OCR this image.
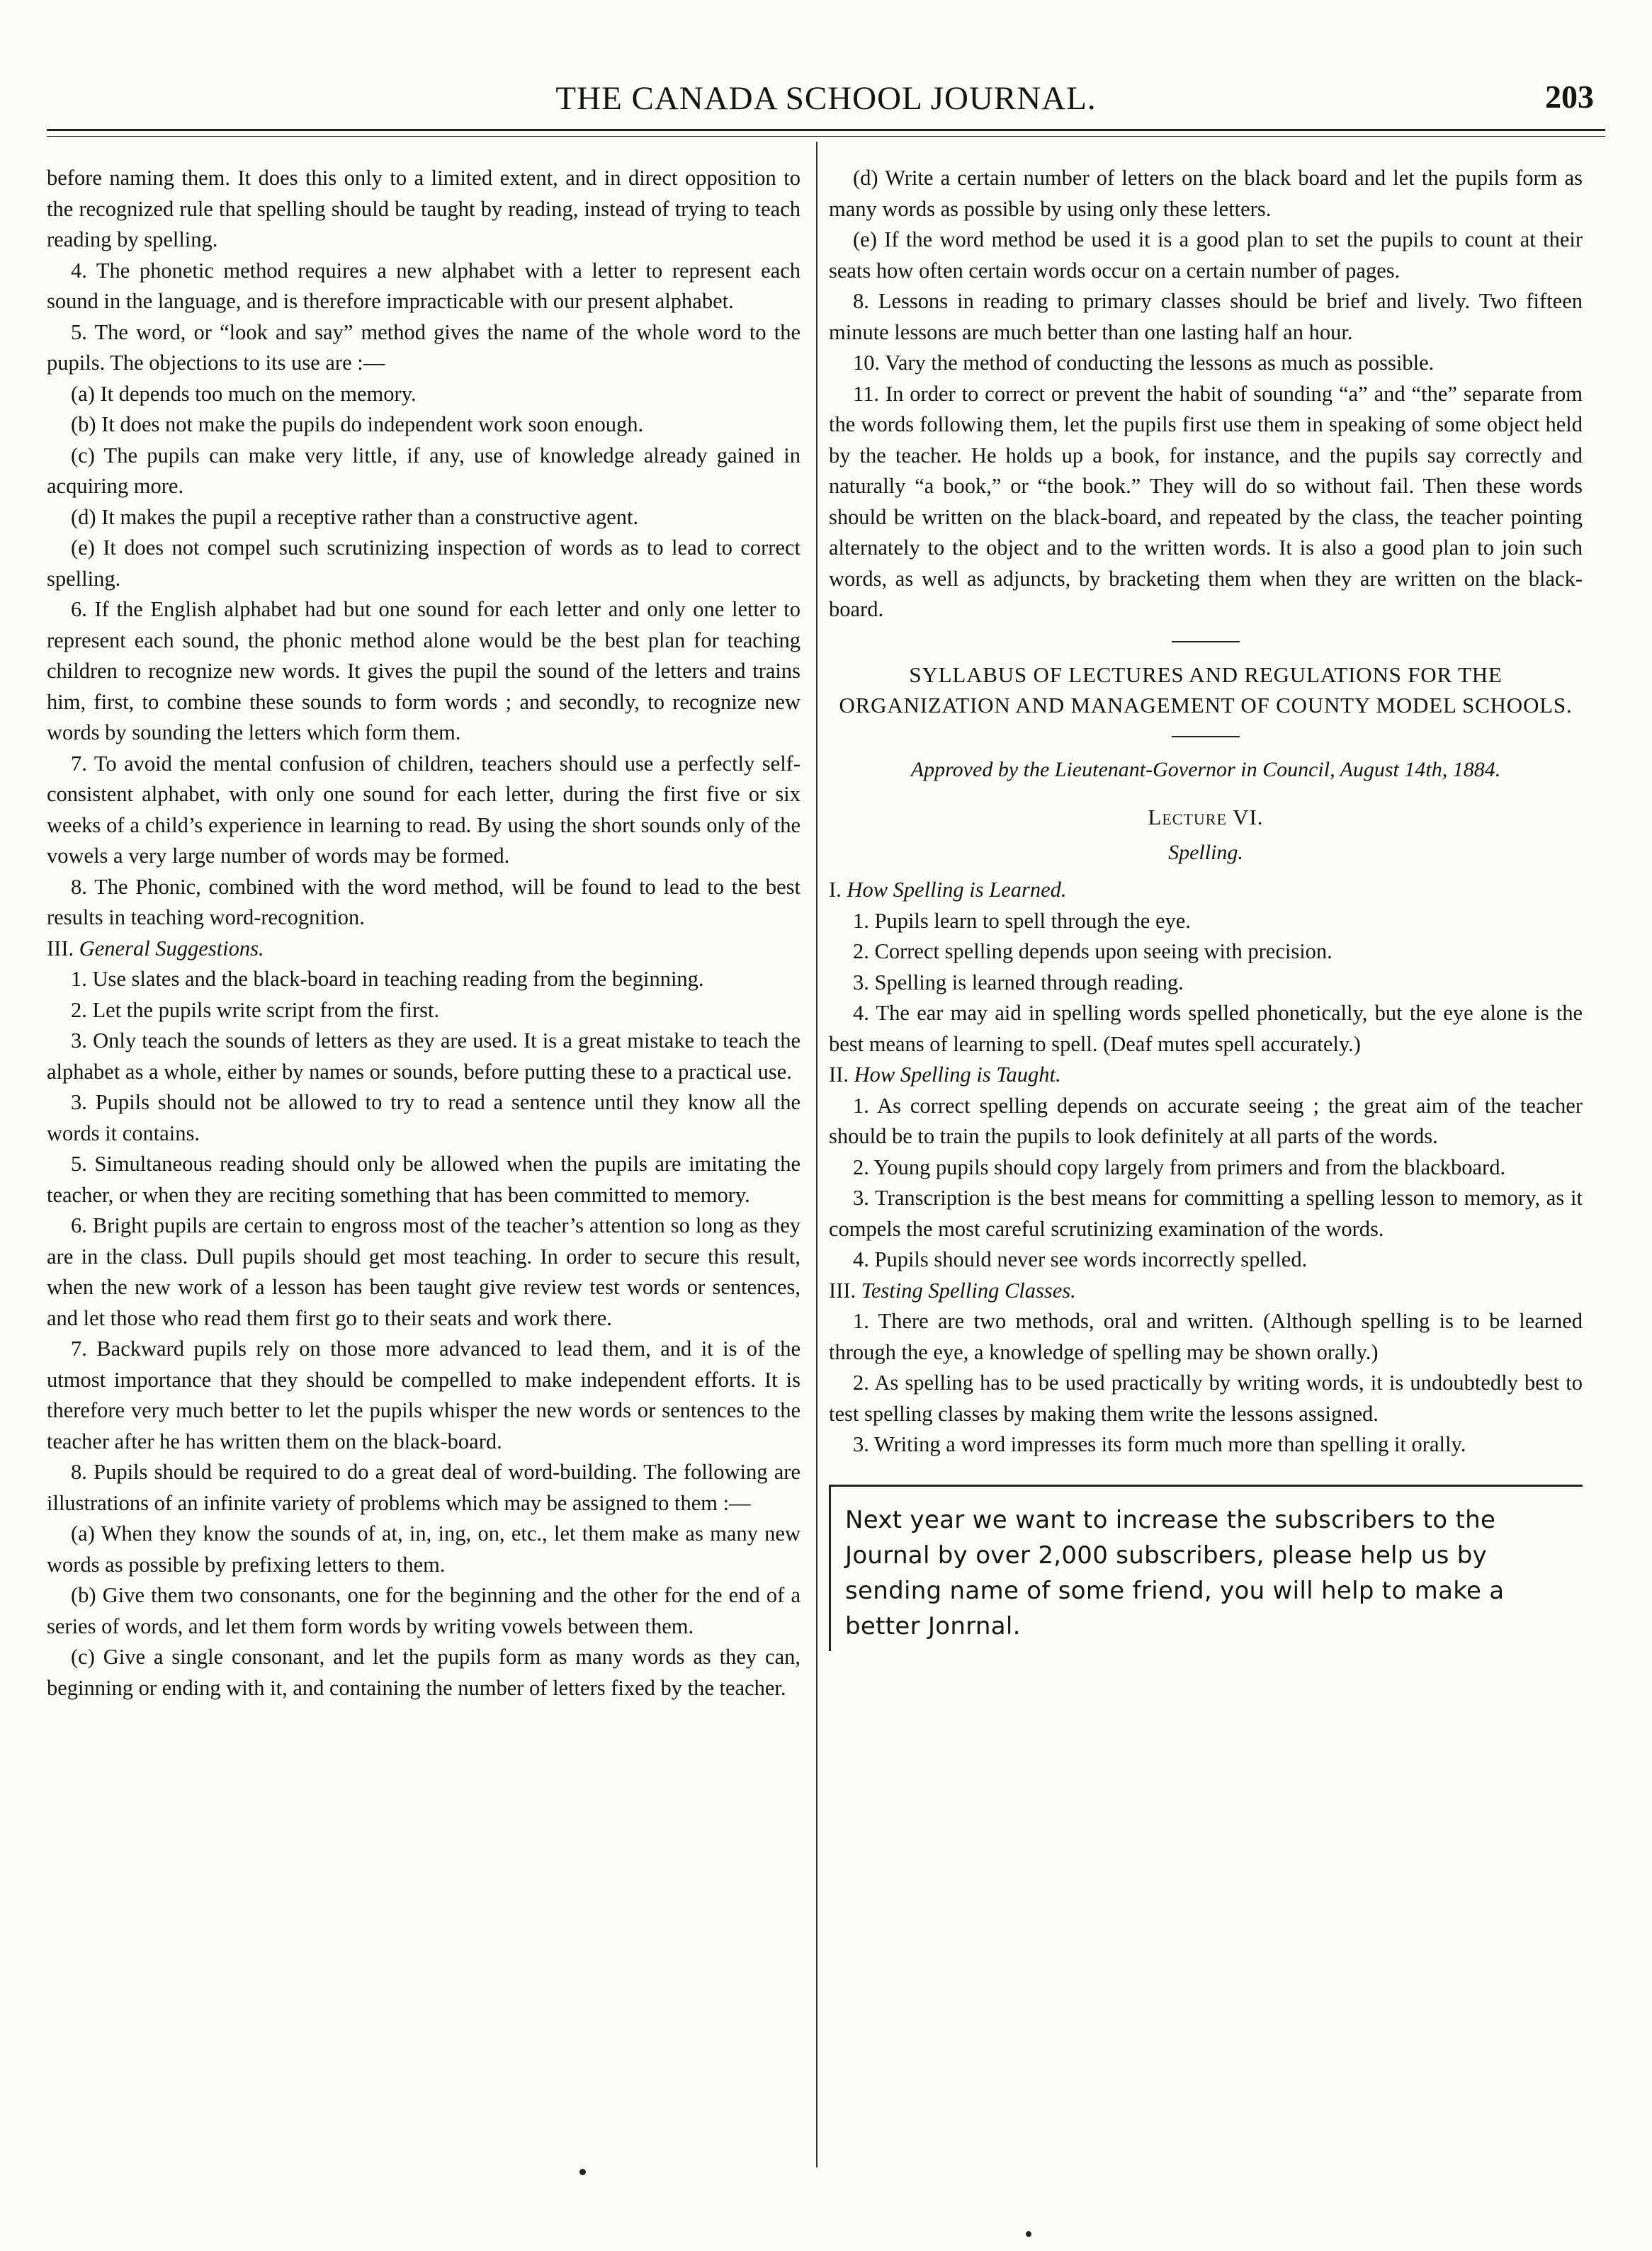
THE CANADA SCHOOL JOURNAL.	203

before naming them. It does this only to a limited extent, and in direct opposition to the recognized rule that spelling should be taught by reading, instead of trying to teach reading by spelling.

4. The phonetic method requires a new alphabet with a letter to represent each sound in the language, and is therefore impracticable with our present alphabet.

5. The word, or “look and say” method gives the name of the whole word to the pupils. The objections to its use are :—

(a) It depends too much on the memory.

(b) It does not make the pupils do independent work soon enough.

(c) The pupils can make very little, if any, use of knowledge already gained in acquiring more.

(d) It makes the pupil a receptive rather than a constructive agent.

(e) It does not compel such scrutinizing inspection of words as to lead to correct spelling.

6. If the English alphabet had but one sound for each letter and only one letter to represent each sound, the phonic method alone would be the best plan for teaching children to recognize new words. It gives the pupil the sound of the letters and trains him, first, to combine these sounds to form words ; and secondly, to recognize new words by sounding the letters which form them.

7. To avoid the mental confusion of children, teachers should use a perfectly self-consistent alphabet, with only one sound for each letter, during the first five or six weeks of a child’s experience in learning to read. By using the short sounds only of the vowels a very large number of words may be formed.

8. The Phonic, combined with the word method, will be found to lead to the best results in teaching word-recognition.

III. General Suggestions.

1. Use slates and the black-board in teaching reading from the beginning.

2. Let the pupils write script from the first.

3. Only teach the sounds of letters as they are used. It is a great mistake to teach the alphabet as a whole, either by names or sounds, before putting these to a practical use.

3. Pupils should not be allowed to try to read a sentence until they know all the words it contains.

5. Simultaneous reading should only be allowed when the pupils are imitating the teacher, or when they are reciting something that has been committed to memory.

6. Bright pupils are certain to engross most of the teacher’s attention so long as they are in the class. Dull pupils should get most teaching. In order to secure this result, when the new work of a lesson has been taught give review test words or sentences, and let those who read them first go to their seats and work there.

7. Backward pupils rely on those more advanced to lead them, and it is of the utmost importance that they should be compelled to make independent efforts. It is therefore very much better to let the pupils whisper the new words or sentences to the teacher after he has written them on the black-board.

8. Pupils should be required to do a great deal of word-building. The following are illustrations of an infinite variety of problems which may be assigned to them :—

(a) When they know the sounds of at, in, ing, on, etc., let them make as many new words as possible by prefixing letters to them.

(b) Give them two consonants, one for the beginning and the other for the end of a series of words, and let them form words by writing vowels between them.

(c) Give a single consonant, and let the pupils form as many words as they can, beginning or ending with it, and containing the number of letters fixed by the teacher.

(d) Write a certain number of letters on the black board and let the pupils form as many words as possible by using only these letters.

(e) If the word method be used it is a good plan to set the pupils to count at their seats how often certain words occur on a certain number of pages.

8. Lessons in reading to primary classes should be brief and lively. Two fifteen minute lessons are much better than one lasting half an hour.

10. Vary the method of conducting the lessons as much as possible.

11. In order to correct or prevent the habit of sounding “a” and “the” separate from the words following them, let the pupils first use them in speaking of some object held by the teacher. He holds up a book, for instance, and the pupils say correctly and naturally “a book,” or “the book.” They will do so without fail. Then these words should be written on the black-board, and repeated by the class, the teacher pointing alternately to the object and to the written words. It is also a good plan to join such words, as well as adjuncts, by bracketing them when they are written on the black-board.

SYLLABUS OF LECTURES AND REGULATIONS FOR THE ORGANIZATION AND MANAGEMENT OF COUNTY MODEL SCHOOLS.
Approved by the Lieutenant-Governor in Council, August 14th, 1884.
Lecture VI.
Spelling.

I. How Spelling is Learned.

1. Pupils learn to spell through the eye.

2. Correct spelling depends upon seeing with precision.

3. Spelling is learned through reading.

4. The ear may aid in spelling words spelled phonetically, but the eye alone is the best means of learning to spell. (Deaf mutes spell accurately.)

II. How Spelling is Taught.

1. As correct spelling depends on accurate seeing ; the great aim of the teacher should be to train the pupils to look definitely at all parts of the words.

2. Young pupils should copy largely from primers and from the blackboard.

3. Transcription is the best means for committing a spelling lesson to memory, as it compels the most careful scrutinizing examination of the words.

4. Pupils should never see words incorrectly spelled.

III. Testing Spelling Classes.

1. There are two methods, oral and written. (Although spelling is to be learned through the eye, a knowledge of spelling may be shown orally.)

2. As spelling has to be used practically by writing words, it is undoubtedly best to test spelling classes by making them write the lessons assigned.

3. Writing a word impresses its form much more than spelling it orally.

Next year we want to increase the subscribers to the Journal by over 2,000 subscribers, please help us by sending name of some friend, you will help to make a better Jonrnal.
